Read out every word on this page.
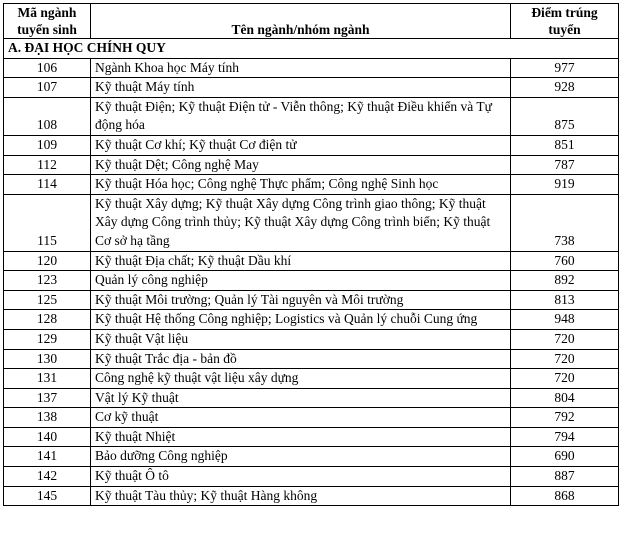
Mã ngành tuyển sinh	Tên ngành/nhóm ngành	Điểm trúng tuyển
A. ĐẠI HỌC CHÍNH QUY		
106	Ngành Khoa học Máy tính	977
107	Kỹ thuật Máy tính	928
108	Kỹ thuật Điện; Kỹ thuật Điện tử - Viễn thông; Kỹ thuật Điều khiển và Tự động hóa	875
109	Kỹ thuật Cơ khí; Kỹ thuật Cơ điện tử	851
112	Kỹ thuật Dệt; Công nghệ May	787
114	Kỹ thuật Hóa học; Công nghệ Thực phẩm; Công nghệ Sinh học	919
115	Kỹ thuật Xây dựng; Kỹ thuật Xây dựng Công trình giao thông; Kỹ thuật Xây dựng Công trình thủy; Kỹ thuật Xây dựng Công trình biển; Kỹ thuật Cơ sở hạ tầng	738
120	Kỹ thuật Địa chất; Kỹ thuật Dầu khí	760
123	Quản lý công nghiệp	892
125	Kỹ thuật Môi trường; Quản lý Tài nguyên và Môi trường	813
128	Kỹ thuật Hệ thống Công nghiệp; Logistics và Quản lý chuỗi Cung ứng	948
129	Kỹ thuật Vật liệu	720
130	Kỹ thuật Trắc địa - bản đồ	720
131	Công nghệ kỹ thuật vật liệu xây dựng	720
137	Vật lý Kỹ thuật	804
138	Cơ kỹ thuật	792
140	Kỹ thuật Nhiệt	794
141	Bảo dưỡng Công nghiệp	690
142	Kỹ thuật Ô tô	887
145	Kỹ thuật Tàu thủy; Kỹ thuật Hàng không	868
